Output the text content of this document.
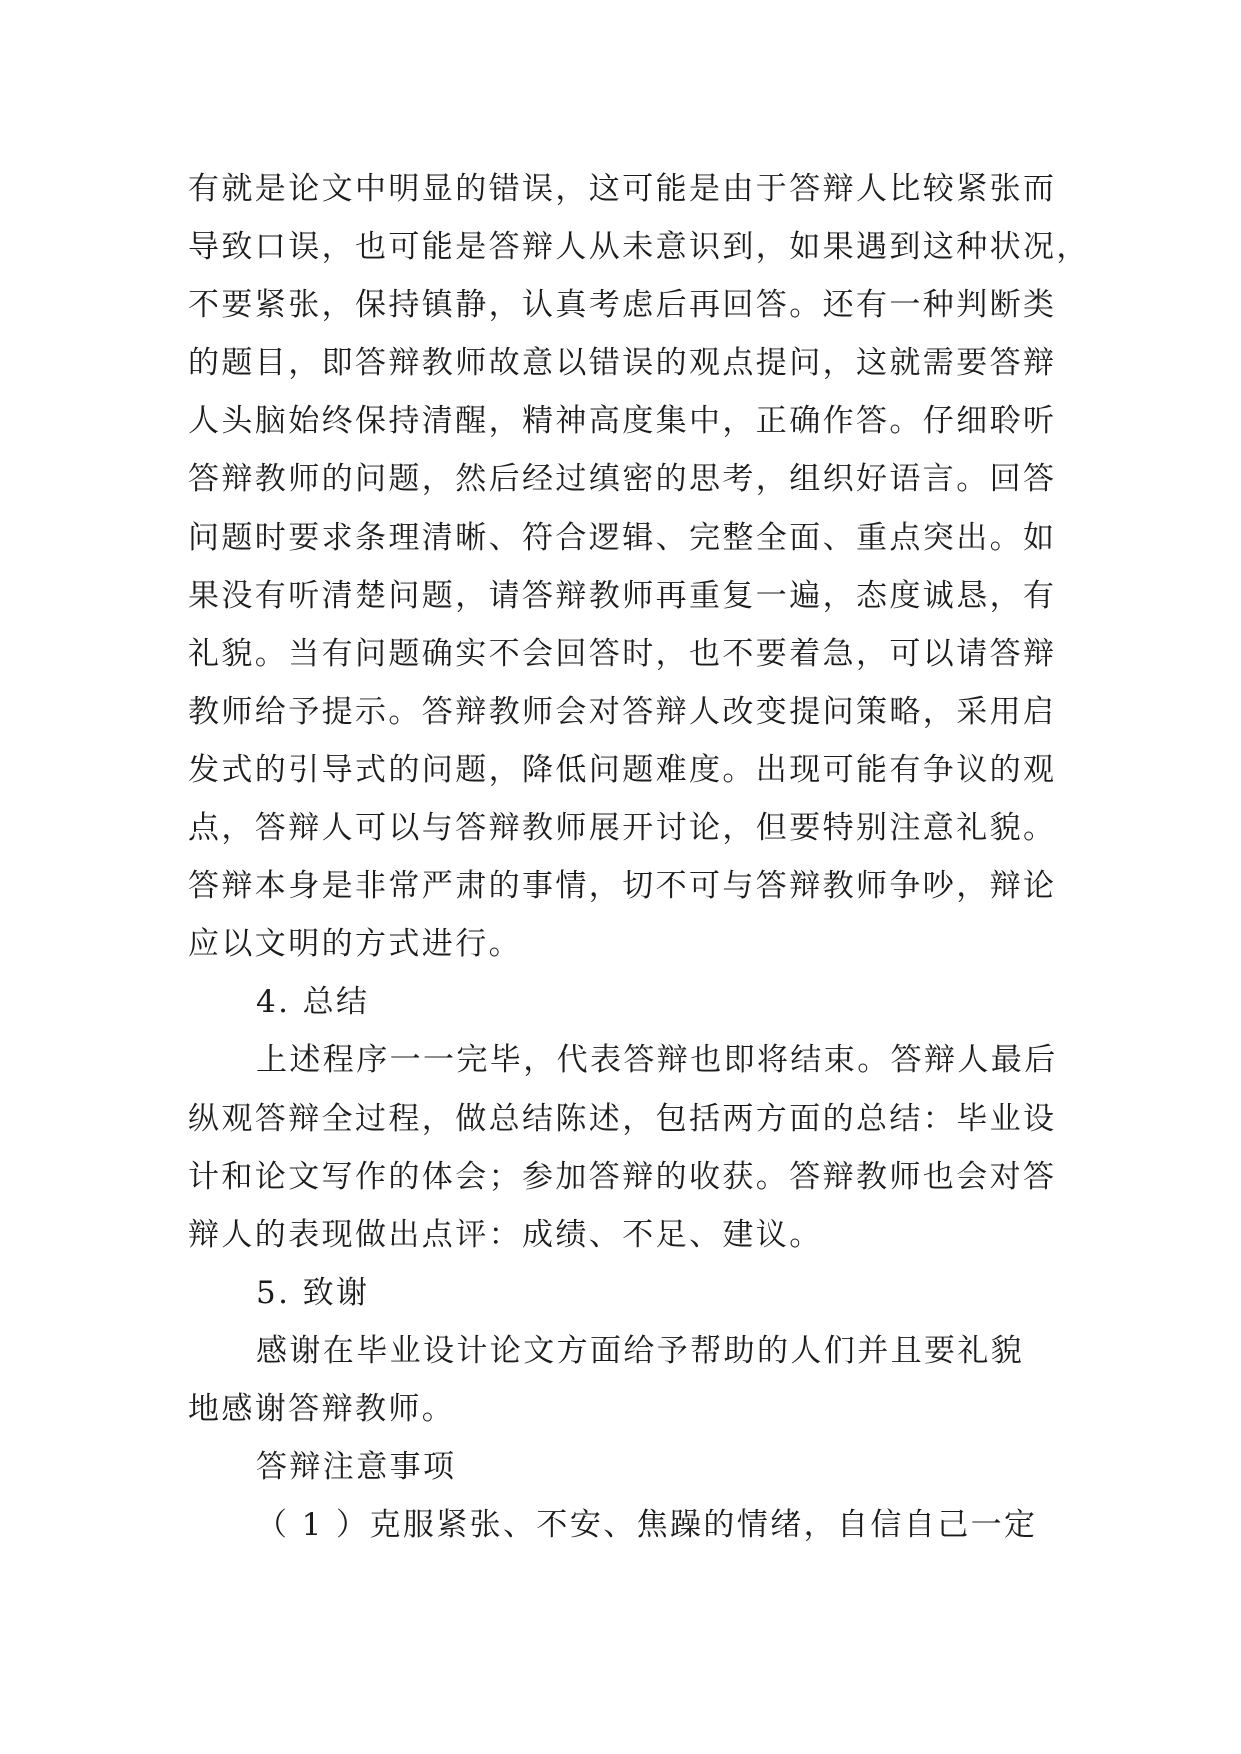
有就是论文中明显的错误，这可能是由于答辩人比较紧张而
导致口误，也可能是答辩人从未意识到，如果遇到这种状况，
不要紧张，保持镇静，认真考虑后再回答。还有一种判断类
的题目，即答辩教师故意以错误的观点提问，这就需要答辩
人头脑始终保持清醒，精神高度集中，正确作答。仔细聆听
答辩教师的问题，然后经过缜密的思考，组织好语言。回答
问题时要求条理清晰、符合逻辑、完整全面、重点突出。如
果没有听清楚问题，请答辩教师再重复一遍，态度诚恳，有
礼貌。当有问题确实不会回答时，也不要着急，可以请答辩
教师给予提示。答辩教师会对答辩人改变提问策略，采用启
发式的引导式的问题，降低问题难度。出现可能有争议的观
点，答辩人可以与答辩教师展开讨论，但要特别注意礼貌。
答辩本身是非常严肃的事情，切不可与答辩教师争吵，辩论
应以文明的方式进行。
4. 总结
上述程序一一完毕，代表答辩也即将结束。答辩人最后
纵观答辩全过程，做总结陈述，包括两方面的总结：毕业设
计和论文写作的体会；参加答辩的收获。答辩教师也会对答
辩人的表现做出点评：成绩、不足、建议。
5. 致谢
感谢在毕业设计论文方面给予帮助的人们并且要礼貌
地感谢答辩教师。
答辩注意事项
（ 1 ）克服紧张、不安、焦躁的情绪，自信自己一定
